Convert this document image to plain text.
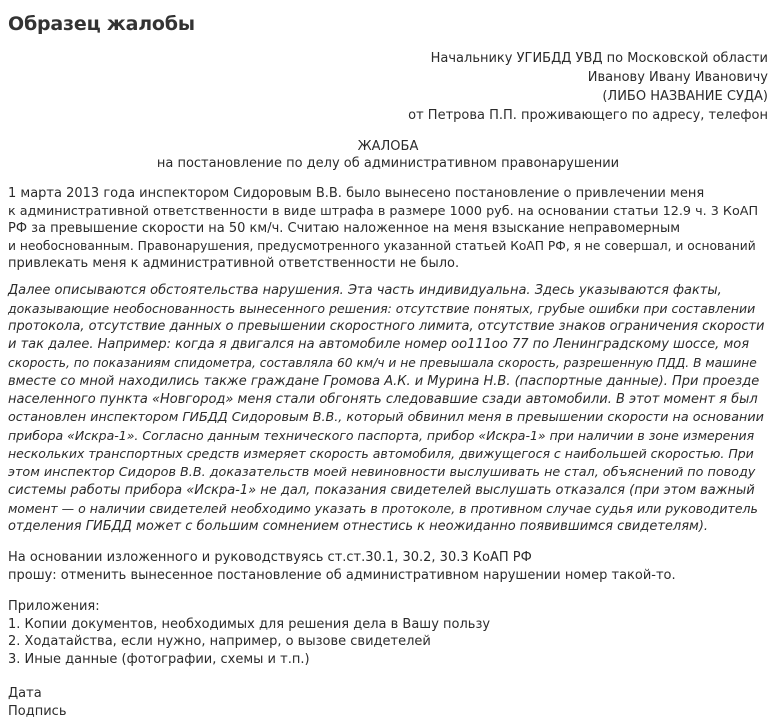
Образец жалобы
Начальнику УГИБДД УВД по Московской области
Иванову Ивану Ивановичу
(ЛИБО НАЗВАНИЕ СУДА)
от Петрова П.П. проживающего по адресу, телефон
ЖАЛОБА
на постановление по делу об административном правонарушении

1 марта 2013 года инспектором Сидоровым В.В. было вынесено постановление о привлечении меня
к административной ответственности в виде штрафа в размере 1000 руб. на основании статьи 12.9 ч. 3 КоАП
РФ за превышение скорости на 50 км/ч. Считаю наложенное на меня взыскание неправомерным
и необоснованным. Правонарушения, предусмотренного указанной статьей КоАП РФ, я не совершал, и оснований
привлекать меня к административной ответственности не было.

Далее описываются обстоятельства нарушения. Эта часть индивидуальна. Здесь указываются факты,
доказывающие необоснованность вынесенного решения: отсутствие понятых, грубые ошибки при составлении
протокола, отсутствие данных о превышении скоростного лимита, отсутствие знаков ограничения скорости
и так далее. Например: когда я двигался на автомобиле номер оо111оо 77 по Ленинградскому шоссе, моя
скорость, по показаниям спидометра, составляла 60 км/ч и не превышала скорость, разрешенную ПДД. В машине
вместе со мной находились также граждане Громова А.К. и Мурина Н.В. (паспортные данные). При проезде
населенного пункта «Новгород» меня стали обгонять следовавшие сзади автомобили. В этот момент я был
остановлен инспектором ГИБДД Сидоровым В.В., который обвинил меня в превышении скорости на основании
прибора «Искра-1». Согласно данным технического паспорта, прибор «Искра-1» при наличии в зоне измерения
нескольких транспортных средств измеряет скорость автомобиля, движущегося с наибольшей скоростью. При
этом инспектор Сидоров В.В. доказательств моей невиновности выслушивать не стал, объяснений по поводу
системы работы прибора «Искра-1» не дал, показания свидетелей выслушать отказался (при этом важный
момент — о наличии свидетелей необходимо указать в протоколе, в противном случае судья или руководитель
отделения ГИБДД может с большим сомнением отнестись к неожиданно появившимся свидетелям).

На основании изложенного и руководствуясь ст.ст.30.1, 30.2, 30.3 КоАП РФ
прошу: отменить вынесенное постановление об административном нарушении номер такой-то.

Приложения:
1. Копии документов, необходимых для решения дела в Вашу пользу
2. Ходатайства, если нужно, например, о вызове свидетелей
3. Иные данные (фотографии, схемы и т.п.)

Дата
Подпись
